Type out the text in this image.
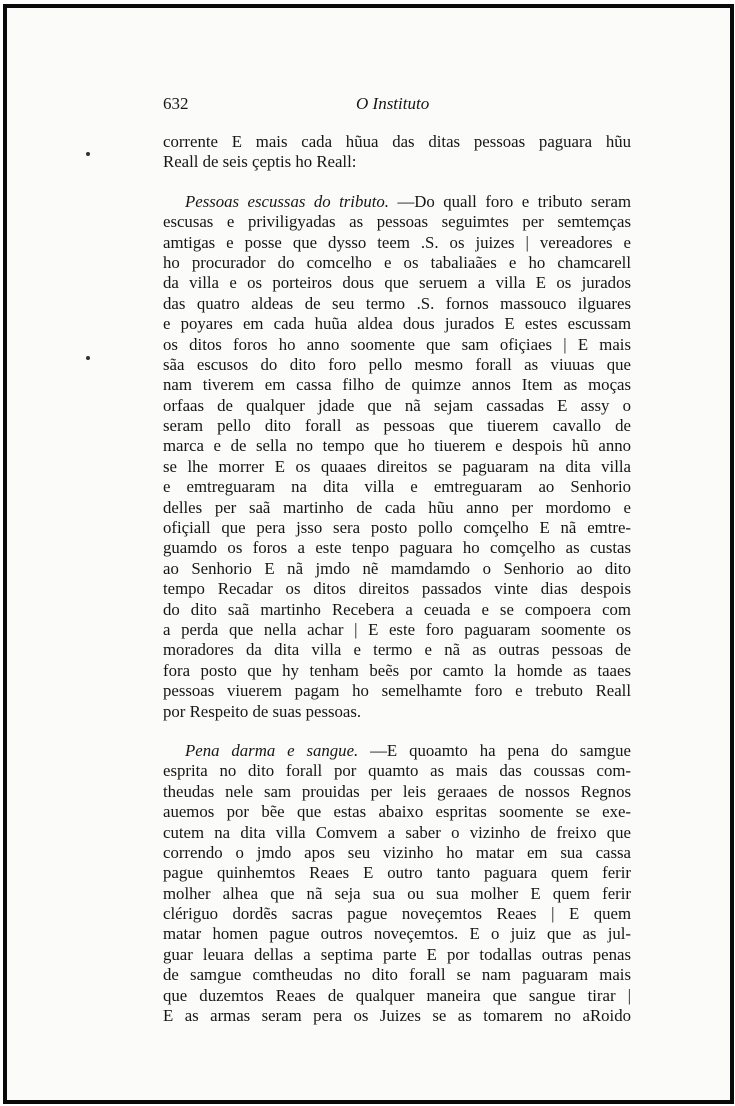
632	O Instituto
corrente E mais cada hũua das ditas pessoas paguara hũu
Reall de seis çeptis ho Reall:
Pessoas escussas do tributo. —Do quall foro e tributo seram
escusas e priviligyadas as pessoas seguimtes per semtemças
amtigas e posse que dysso teem .S. os juizes | vereadores e
ho procurador do comcelho e os tabaliaães e ho chamcarell
da villa e os porteiros dous que seruem a villa E os jurados
das quatro aldeas de seu termo .S. fornos massouco ilguares
e poyares em cada huũa aldea dous jurados E estes escussam
os ditos foros ho anno soomente que sam ofiçiaes | E mais
sãa escusos do dito foro pello mesmo forall as viuuas que
nam tiverem em cassa filho de quimze annos Item as moças
orfaas de qualquer jdade que nã sejam cassadas E assy o
seram pello dito forall as pessoas que tiuerem cavallo de
marca e de sella no tempo que ho tiuerem e despois hũ anno
se lhe morrer E os quaaes direitos se paguaram na dita villa
e emtreguaram na dita villa e emtreguaram ao Senhorio
delles per saã martinho de cada hũu anno per mordomo e
ofiçiall que pera jsso sera posto pollo comçelho E nã emtre-
guamdo os foros a este tenpo paguara ho comçelho as custas
ao Senhorio E nã jmdo nẽ mamdamdo o Senhorio ao dito
tempo Recadar os ditos direitos passados vinte dias despois
do dito saã martinho Recebera a ceuada e se compoera com
a perda que nella achar | E este foro paguaram soomente os
moradores da dita villa e termo e nã as outras pessoas de
fora posto que hy tenham beẽs por camto la homde as taaes
pessoas viuerem pagam ho semelhamte foro e trebuto Reall
por Respeito de suas pessoas.
Pena darma e sangue. —E quoamto ha pena do samgue
esprita no dito forall por quamto as mais das coussas com-
theudas nele sam prouidas per leis geraaes de nossos Regnos
auemos por bẽe que estas abaixo espritas soomente se exe-
cutem na dita villa Comvem a saber o vizinho de freixo que
correndo o jmdo apos seu vizinho ho matar em sua cassa
pague quinhemtos Reaes E outro tanto paguara quem ferir
molher alhea que nã seja sua ou sua molher E quem ferir
clériguo dordẽs sacras pague noveçemtos Reaes | E quem
matar homen pague outros noveçemtos. E o juiz que as jul-
guar leuara dellas a septima parte E por todallas outras penas
de samgue comtheudas no dito forall se nam paguaram mais
que duzemtos Reaes de qualquer maneira que sangue tirar |
E as armas seram pera os Juizes se as tomarem no aRoido
